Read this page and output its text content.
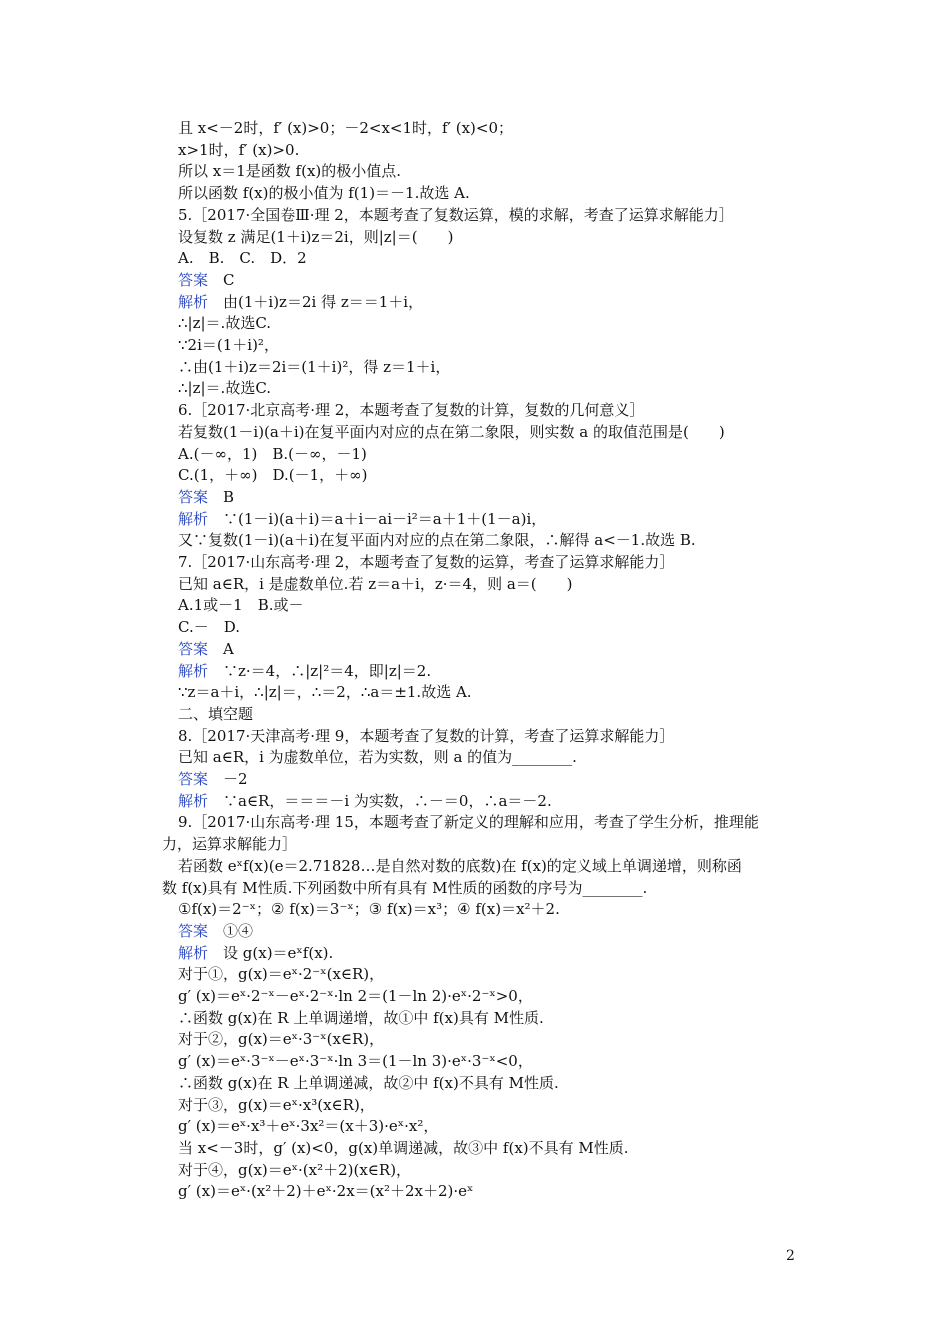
且 x<－2时，f′ (x)>0；－2<x<1时，f′ (x)<0；
x>1时，f′ (x)>0.
所以 x＝1是函数 f(x)的极小值点.
所以函数 f(x)的极小值为 f(1)＝－1.故选 A.
5.［2017·全国卷Ⅲ·理 2，本题考查了复数运算，模的求解，考查了运算求解能力］
设复数 z 满足(1＋i)z＝2i，则|z|＝(　　)
A.　B.　C.　D．2
答案　C
解析　由(1＋i)z＝2i 得 z＝＝1＋i，
∴|z|＝.故选C.
∵2i＝(1＋i)²，
∴由(1＋i)z＝2i＝(1＋i)²，得 z＝1＋i，
∴|z|＝.故选C.
6.［2017·北京高考·理 2，本题考查了复数的计算，复数的几何意义］
若复数(1－i)(a＋i)在复平面内对应的点在第二象限，则实数 a 的取值范围是(　　)
A.(－∞，1)　B.(－∞，－1)
C.(1，＋∞)　D.(－1，＋∞)
答案　B
解析　∵(1－i)(a＋i)＝a＋i－ai－i²＝a＋1＋(1－a)i，
又∵复数(1－i)(a＋i)在复平面内对应的点在第二象限，∴解得 a<－1.故选 B.
7.［2017·山东高考·理 2，本题考查了复数的运算，考查了运算求解能力］
已知 a∈R，i 是虚数单位.若 z＝a＋i，z·＝4，则 a＝(　　)
A.1或－1　B.或－
C.－　D.
答案　A
解析　∵z·＝4，∴|z|²＝4，即|z|＝2.
∵z＝a＋i，∴|z|＝，∴＝2，∴a＝±1.故选 A.
二、填空题
8.［2017·天津高考·理 9，本题考查了复数的计算，考查了运算求解能力］
已知 a∈R，i 为虚数单位，若为实数，则 a 的值为________.
答案　－2
解析　∵a∈R，＝＝＝－i 为实数，∴－＝0，∴a＝－2.
9.［2017·山东高考·理 15，本题考查了新定义的理解和应用，考查了学生分析，推理能
力，运算求解能力］
若函数 eˣf(x)(e＝2.71828…是自然对数的底数)在 f(x)的定义域上单调递增，则称函
数 f(x)具有 M性质.下列函数中所有具有 M性质的函数的序号为________.
①f(x)＝2⁻ˣ；② f(x)＝3⁻ˣ；③ f(x)＝x³；④ f(x)＝x²＋2.
答案　①④
解析　设 g(x)＝eˣf(x).
对于①，g(x)＝eˣ·2⁻ˣ(x∈R)，
g′ (x)＝eˣ·2⁻ˣ－eˣ·2⁻ˣ·ln 2＝(1－ln 2)·eˣ·2⁻ˣ>0，
∴函数 g(x)在 R 上单调递增，故①中 f(x)具有 M性质.
对于②，g(x)＝eˣ·3⁻ˣ(x∈R)，
g′ (x)＝eˣ·3⁻ˣ－eˣ·3⁻ˣ·ln 3＝(1－ln 3)·eˣ·3⁻ˣ<0，
∴函数 g(x)在 R 上单调递减，故②中 f(x)不具有 M性质.
对于③，g(x)＝eˣ·x³(x∈R)，
g′ (x)＝eˣ·x³＋eˣ·3x²＝(x＋3)·eˣ·x²，
当 x<－3时，g′ (x)<0，g(x)单调递减，故③中 f(x)不具有 M性质.
对于④，g(x)＝eˣ·(x²＋2)(x∈R)，
g′ (x)＝eˣ·(x²＋2)＋eˣ·2x＝(x²＋2x＋2)·eˣ
2
